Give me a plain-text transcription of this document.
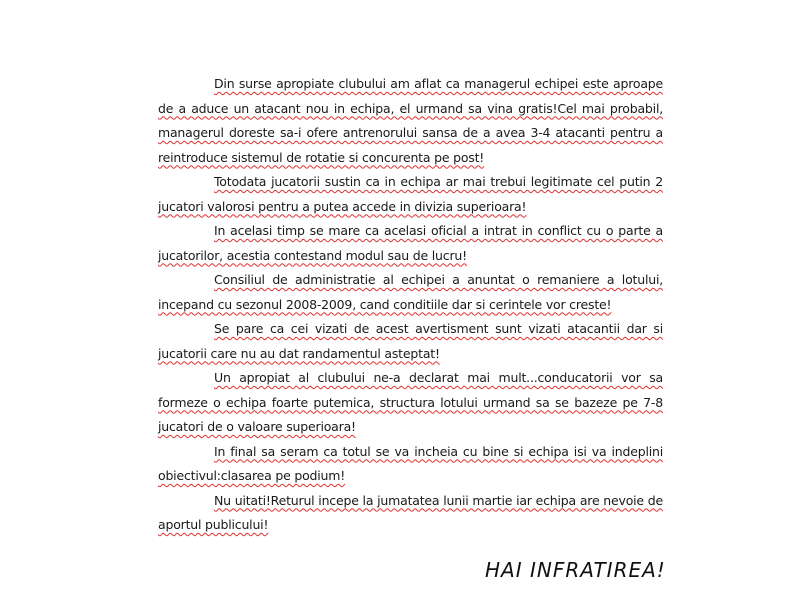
Din surse apropiate clubului am aflat ca managerul echipei este aproape de a aduce un atacant nou in echipa, el urmand sa vina gratis!Cel mai probabil, managerul doreste sa-i ofere antrenorului sansa de a avea 3-4 atacanti pentru a reintroduce sistemul de rotatie si concurenta pe post!

Totodata jucatorii sustin ca in echipa ar mai trebui legitimate cel putin 2 jucatori valorosi pentru a putea accede in divizia superioara!

In acelasi timp se mare ca acelasi oficial a intrat in conflict cu o parte a jucatorilor, acestia contestand modul sau de lucru!

Consiliul de administratie al echipei a anuntat o remaniere a lotului, incepand cu sezonul 2008-2009, cand conditiile dar si cerintele vor creste!

Se pare ca cei vizati de acest avertisment sunt vizati atacantii dar si jucatorii care nu au dat randamentul asteptat!

Un apropiat al clubului ne-a declarat mai mult...conducatorii vor sa formeze o echipa foarte putemica, structura lotului urmand sa se bazeze pe 7-8 jucatori de o valoare superioara!

In final sa seram ca totul se va incheia cu bine si echipa isi va indeplini obiectivul:clasarea pe podium!

Nu uitati!Returul incepe la jumatatea lunii martie iar echipa are nevoie de aportul publicului!

HAI INFRATIREA!
